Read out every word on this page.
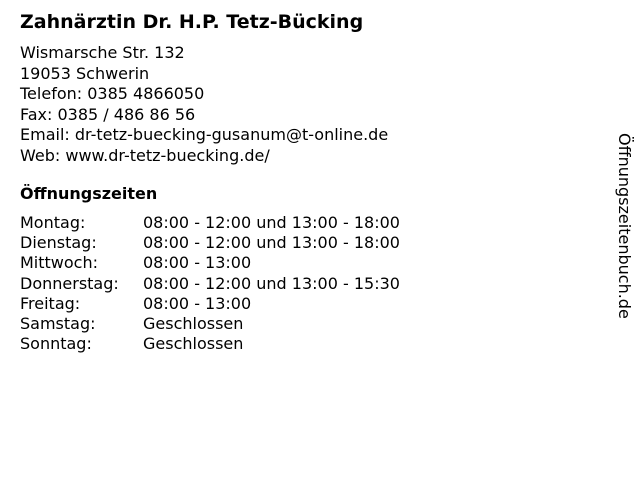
Zahnärztin Dr. H.P. Tetz-Bücking
Wismarsche Str. 132
19053 Schwerin
Telefon: 0385 4866050
Fax: 0385 / 486 86 56
Email: dr-tetz-buecking-gusanum@t-online.de
Web: www.dr-tetz-buecking.de/
Öffnungszeiten
Montag:	08:00 - 12:00 und 13:00 - 18:00
Dienstag:	08:00 - 12:00 und 13:00 - 18:00
Mittwoch:	08:00 - 13:00
Donnerstag: 08:00 - 12:00 und 13:00 - 15:30
Freitag:	08:00 - 13:00
Samstag:	Geschlossen
Sonntag:	Geschlossen
Öffnungszeitenbuch.de
